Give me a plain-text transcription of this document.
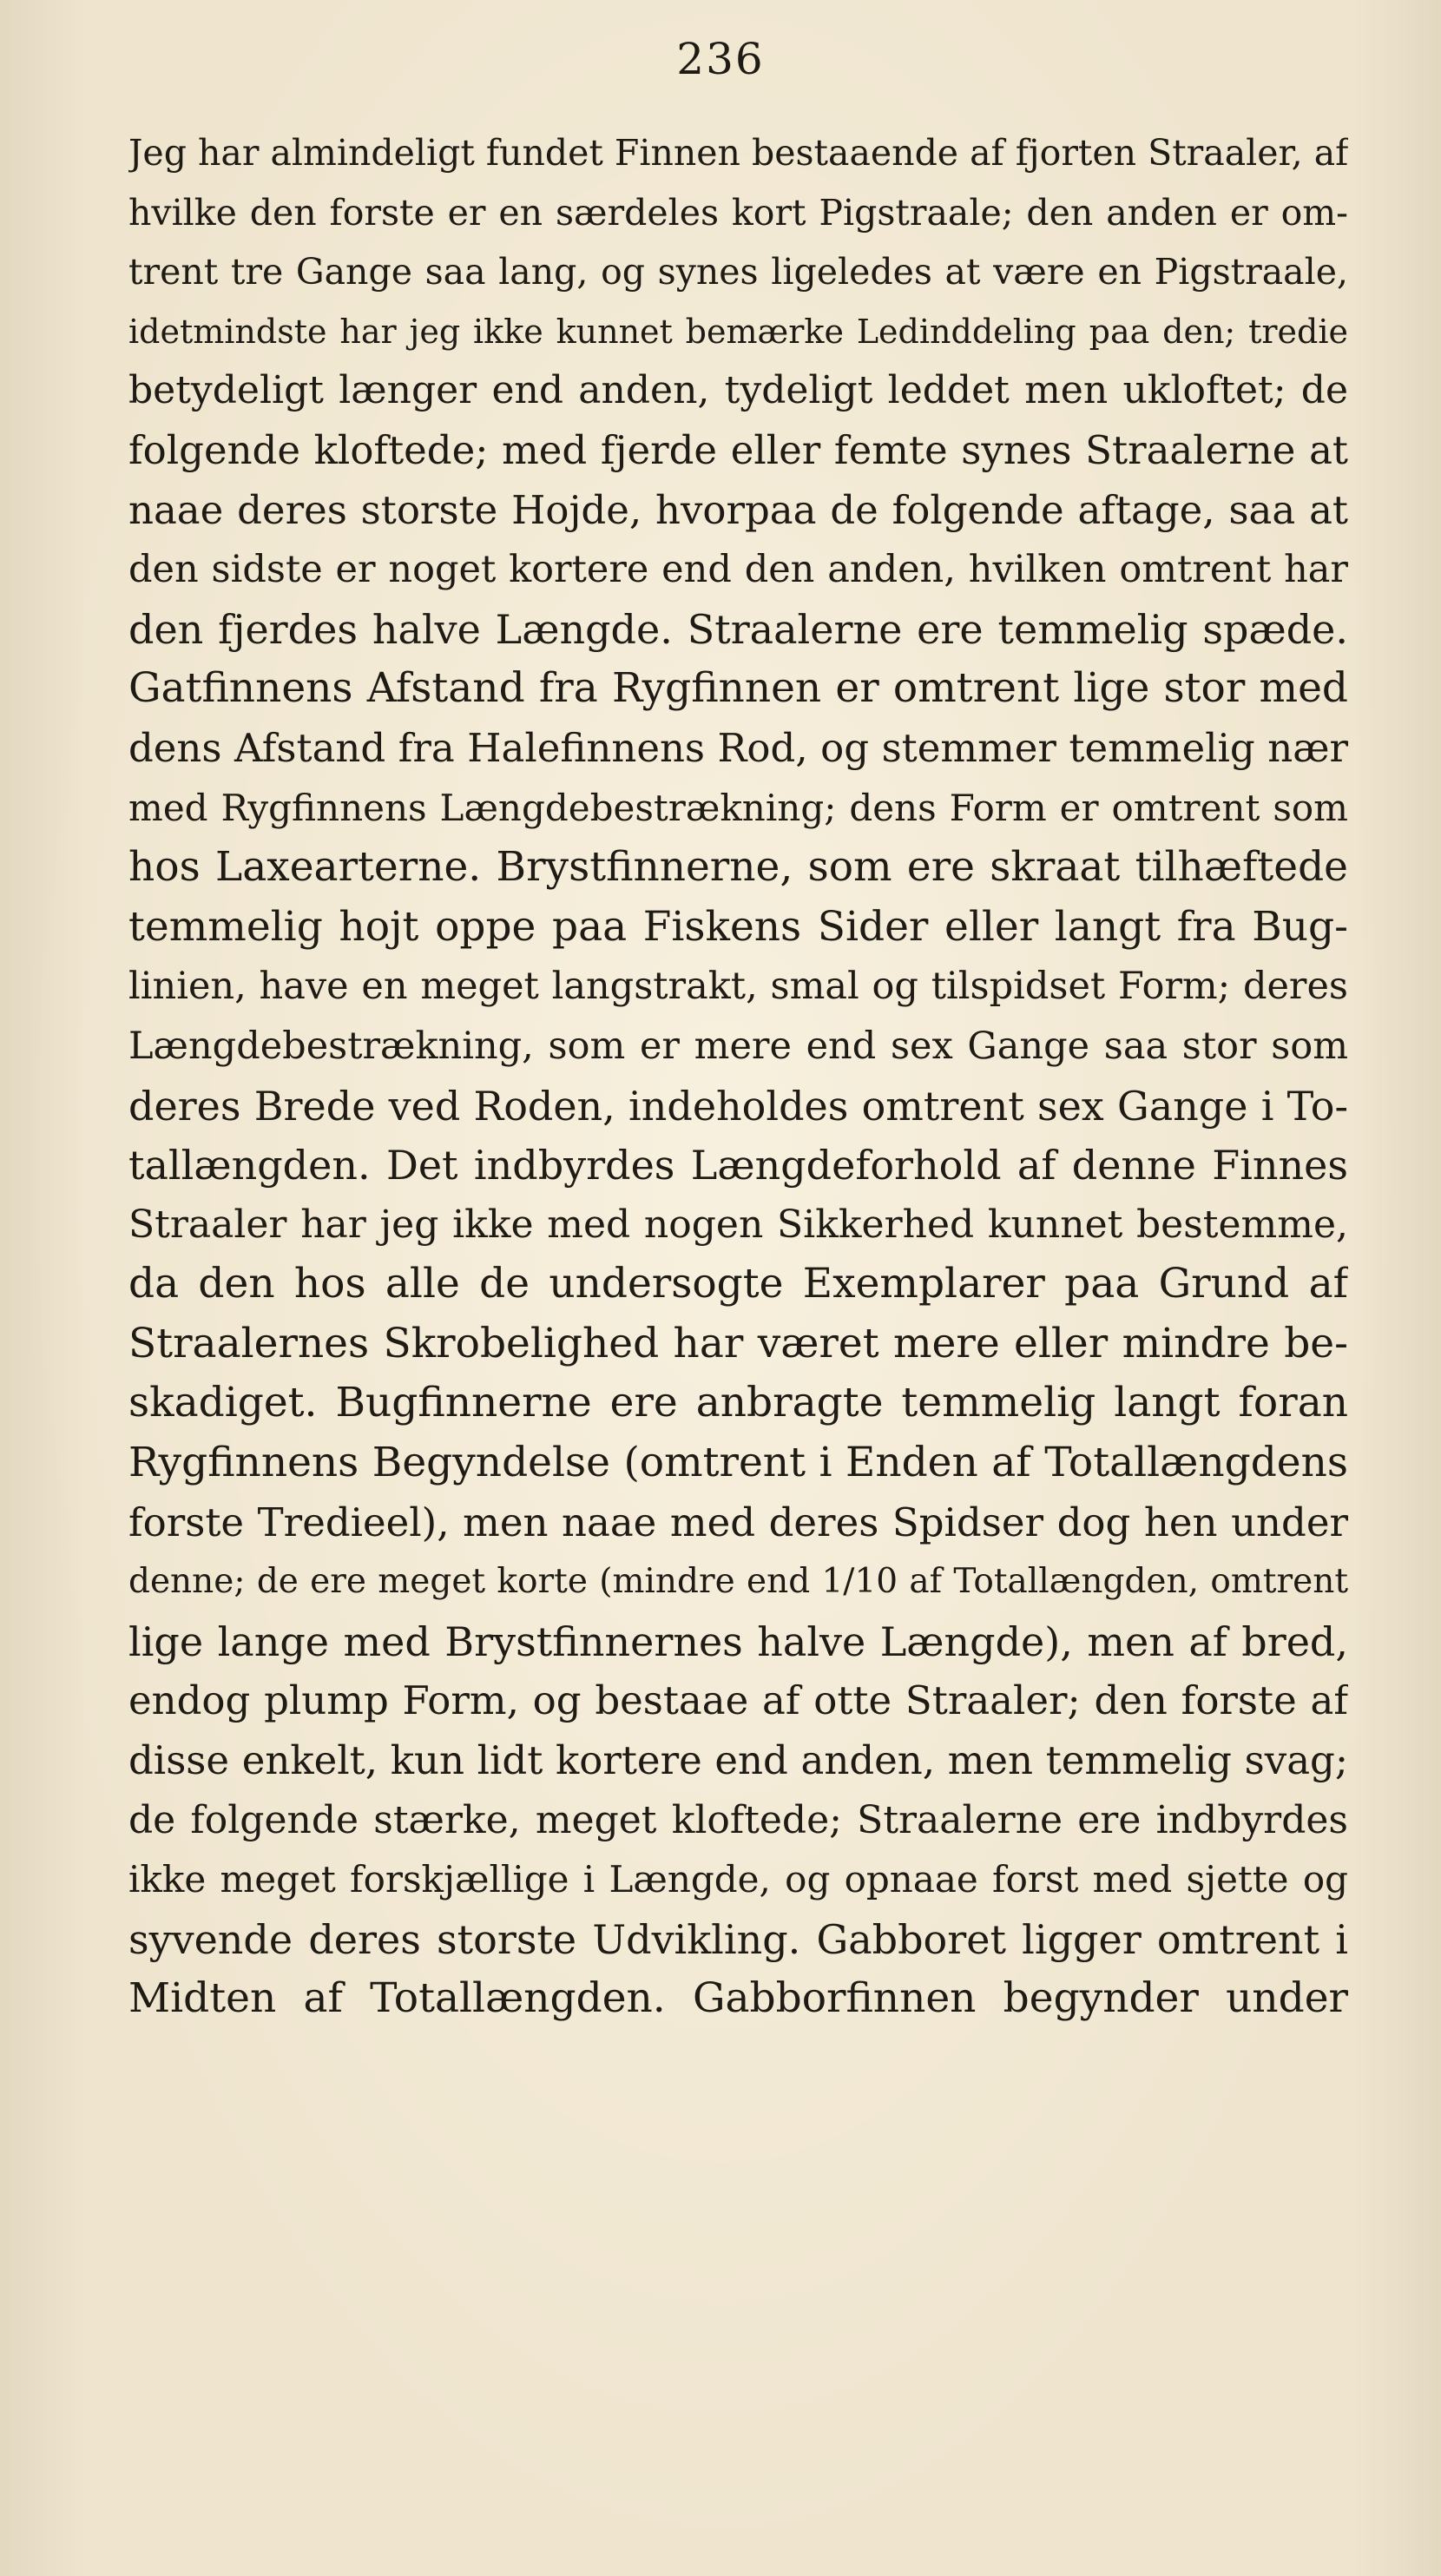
236
Jeg har almindeligt fundet Finnen bestaaende af fjorten Straaler, af
hvilke den forste er en særdeles kort Pigstraale; den anden er om-
trent tre Gange saa lang, og synes ligeledes at være en Pigstraale,
idetmindste har jeg ikke kunnet bemærke Ledinddeling paa den; tredie
betydeligt længer end anden, tydeligt leddet men ukloftet; de
folgende kloftede; med fjerde eller femte synes Straalerne at
naae deres storste Hojde, hvorpaa de folgende aftage, saa at
den sidste er noget kortere end den anden, hvilken omtrent har
den fjerdes halve Længde. Straalerne ere temmelig spæde.
Gatfinnens Afstand fra Rygfinnen er omtrent lige stor med
dens Afstand fra Halefinnens Rod, og stemmer temmelig nær
med Rygfinnens Længdebestrækning; dens Form er omtrent som
hos Laxearterne. Brystfinnerne, som ere skraat tilhæftede
temmelig hojt oppe paa Fiskens Sider eller langt fra Bug-
linien, have en meget langstrakt, smal og tilspidset Form; deres
Længdebestrækning, som er mere end sex Gange saa stor som
deres Brede ved Roden, indeholdes omtrent sex Gange i To-
tallængden. Det indbyrdes Længdeforhold af denne Finnes
Straaler har jeg ikke med nogen Sikkerhed kunnet bestemme,
da den hos alle de undersogte Exemplarer paa Grund af
Straalernes Skrobelighed har været mere eller mindre be-
skadiget. Bugfinnerne ere anbragte temmelig langt foran
Rygfinnens Begyndelse (omtrent i Enden af Totallængdens
forste Tredieel), men naae med deres Spidser dog hen under
denne; de ere meget korte (mindre end 1/10 af Totallængden, omtrent
lige lange med Brystfinnernes halve Længde), men af bred,
endog plump Form, og bestaae af otte Straaler; den forste af
disse enkelt, kun lidt kortere end anden, men temmelig svag;
de folgende stærke, meget kloftede; Straalerne ere indbyrdes
ikke meget forskjællige i Længde, og opnaae forst med sjette og
syvende deres storste Udvikling. Gabboret ligger omtrent i
Midten af Totallængden. Gabborfinnen begynder under
